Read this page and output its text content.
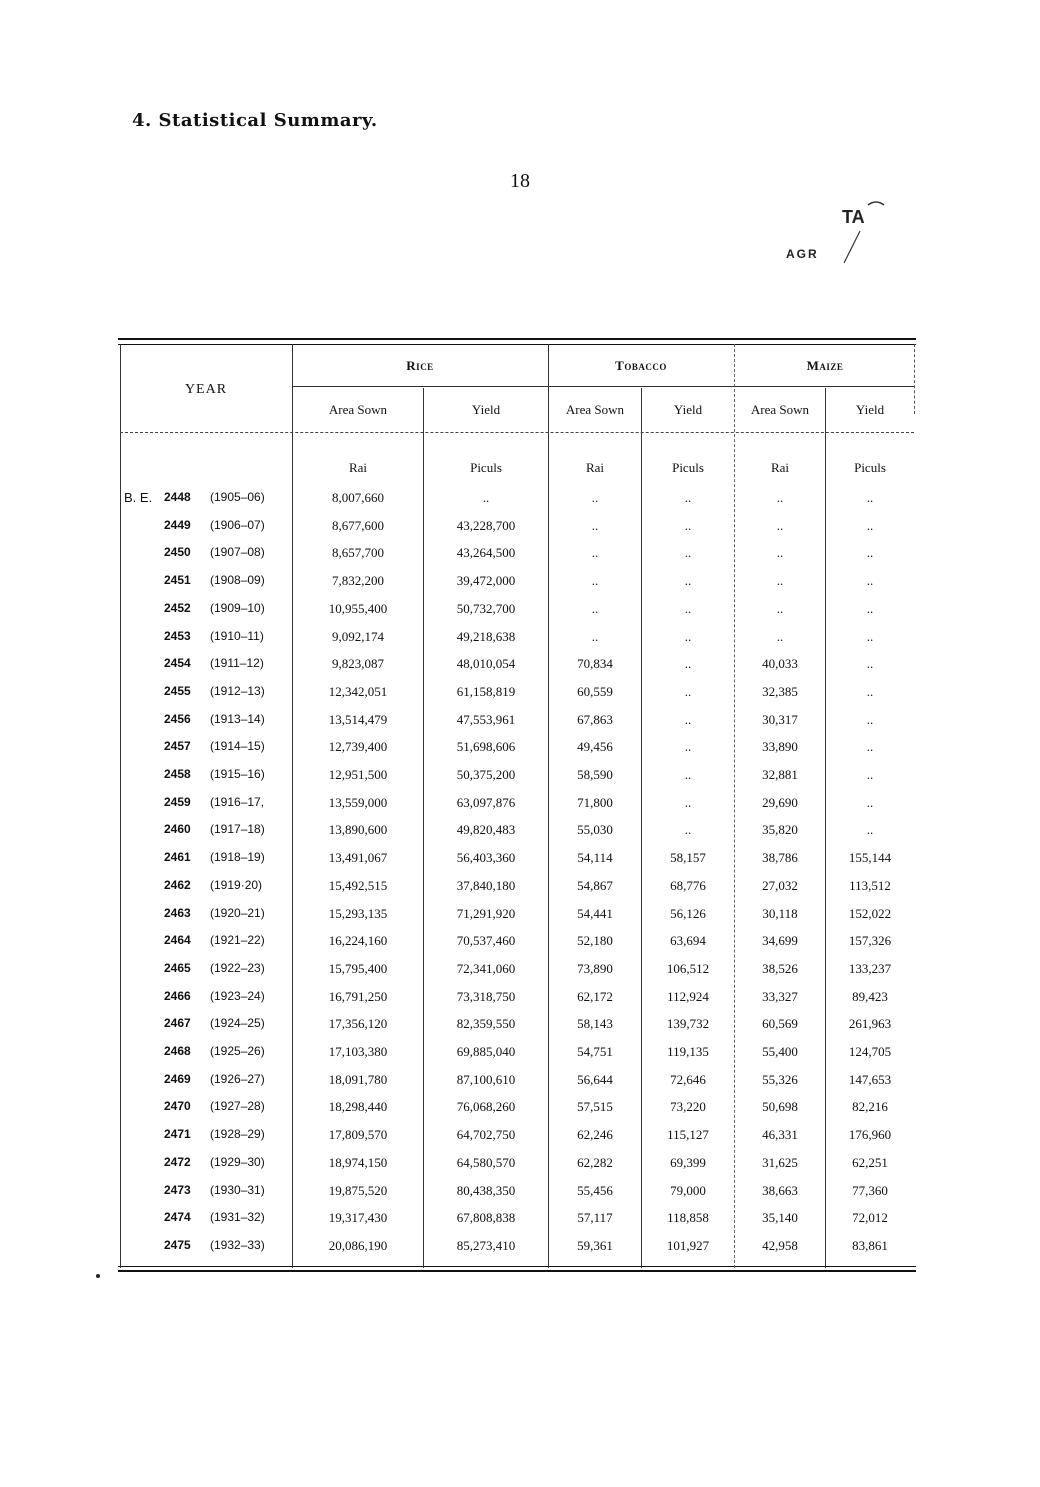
4. Statistical Summary.
18
TA
AGR
YEAR
Rice	Tobacco	Maize
Area Sown	Yield	Area Sown	Yield	Area Sown	Yield
Rai	Piculs	Rai	Piculs	Rai	Piculs
B. E. 2448	(1905–06)	8,007,660	..	..	..	..	..
2449	(1906–07)	8,677,600	43,228,700	..	..	..	..
2450	(1907–08)	8,657,700	43,264,500	..	..	..	..
2451	(1908–09)	7,832,200	39,472,000	..	..	..	..
2452	(1909–10)	10,955,400	50,732,700	..	..	..	..
2453	(1910–11)	9,092,174	49,218,638	..	..	..	..
2454	(1911–12)	9,823,087	48,010,054	70,834	..	40,033	..
2455	(1912–13)	12,342,051	61,158,819	60,559	..	32,385	..
2456	(1913–14)	13,514,479	47,553,961	67,863	..	30,317	..
2457	(1914–15)	12,739,400	51,698,606	49,456	..	33,890	..
2458	(1915–16)	12,951,500	50,375,200	58,590	..	32,881	..
2459	(1916–17,	13,559,000	63,097,876	71,800	..	29,690	..
2460	(1917–18)	13,890,600	49,820,483	55,030	..	35,820	..
2461	(1918–19)	13,491,067	56,403,360	54,114	58,157	38,786	155,144
2462	(1919·20)	15,492,515	37,840,180	54,867	68,776	27,032	113,512
2463	(1920–21)	15,293,135	71,291,920	54,441	56,126	30,118	152,022
2464	(1921–22)	16,224,160	70,537,460	52,180	63,694	34,699	157,326
2465	(1922–23)	15,795,400	72,341,060	73,890	106,512	38,526	133,237
2466	(1923–24)	16,791,250	73,318,750	62,172	112,924	33,327	89,423
2467	(1924–25)	17,356,120	82,359,550	58,143	139,732	60,569	261,963
2468	(1925–26)	17,103,380	69,885,040	54,751	119,135	55,400	124,705
2469	(1926–27)	18,091,780	87,100,610	56,644	72,646	55,326	147,653
2470	(1927–28)	18,298,440	76,068,260	57,515	73,220	50,698	82,216
2471	(1928–29)	17,809,570	64,702,750	62,246	115,127	46,331	176,960
2472	(1929–30)	18,974,150	64,580,570	62,282	69,399	31,625	62,251
2473	(1930–31)	19,875,520	80,438,350	55,456	79,000	38,663	77,360
2474	(1931–32)	19,317,430	67,808,838	57,117	118,858	35,140	72,012
2475	(1932–33)	20,086,190	85,273,410	59,361	101,927	42,958	83,861
